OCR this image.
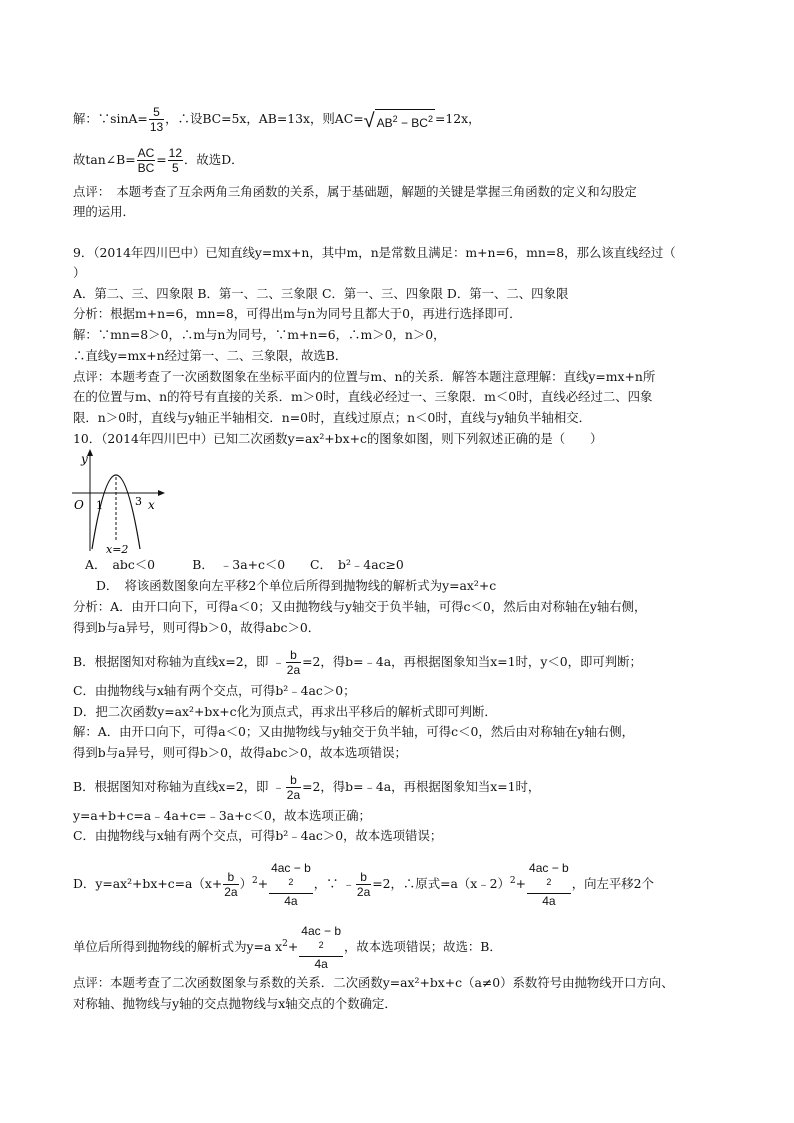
解：∵sinA= $\frac{5}{13}$ ，∴设BC=5x，AB=13x，则AC=√ $AB^2 - BC^2 =12x$，
故tan∠B= $\frac{AC}{BC} = \frac{12}{5}$ ．故选D．
点评：　本题考查了互余两角三角函数的关系，属于基础题，解题的关键是掌握三角函数的定义和勾股定
理的运用．
9．（2014年四川巴中）已知直线y=mx+n，其中m，n是常数且满足：m+n=6，mn=8，那么该直线经过（
）
A．第二、三、四象限 B．第一、二、三象限 C．第一、三、四象限 D．第一、二、四象限
分析：根据m+n=6，mn=8，可得出m与n为同号且都大于0，再进行选择即可．
解：∵mn=8＞0，∴m与n为同号，∵m+n=6，∴m＞0，n＞0，
∴直线y=mx+n经过第一、二、三象限，故选B．
点评：本题考查了一次函数图象在坐标平面内的位置与m、n的关系．解答本题注意理解：直线y=mx+n所
在的位置与m、n的符号有直接的关系．m＞0时，直线必经过一、三象限．m＜0时，直线必经过二、四象
限．n＞0时，直线与y轴正半轴相交．n=0时，直线过原点；n＜0时，直线与y轴负半轴相交．
10．（2014年四川巴中）已知二次函数y=ax²+bx+c的图象如图，则下列叙述正确的是（　　）
y
x
O 1	3
x=2
A．　abc＜0　　　B．　﹣3a+c＜0　　C．　b²﹣4ac≥0
D．　将该函数图象向左平移2个单位后所得到抛物线的解析式为y=ax²+c
分析：A．由开口向下，可得a＜0；又由抛物线与y轴交于负半轴，可得c＜0，然后由对称轴在y轴右侧，
得到b与a异号，则可得b＞0，故得abc＞0．
B．根据图知对称轴为直线x=2，即 ﹣ $\frac{b}{2a} =2$，得b=﹣4a，再根据图象知当x=1时，y＜0，即可判断；
C．由抛物线与x轴有两个交点，可得b²﹣4ac＞0；
D．把二次函数y=ax²+bx+c化为顶点式，再求出平移后的解析式即可判断．
解：A．由开口向下，可得a＜0；又由抛物线与y轴交于负半轴，可得c＜0，然后由对称轴在y轴右侧，
得到b与a异号，则可得b＞0，故得abc＞0，故本选项错误；
B．根据图知对称轴为直线x=2，即 ﹣ $\frac{b}{2a} =2$，得b=﹣4a，再根据图象知当x=1时，
y=a+b+c=a﹣4a+c=﹣3a+c＜0，故本选项正确；
C．由抛物线与x轴有两个交点，可得b²﹣4ac＞0，故本选项错误；
D．$y=ax^2+bx+c=a(x+ \frac{b}{2a} )^2+ 4ac - b$
$^2$
4a ，∵ ﹣ $\frac{b}{2a} =2$，∴原式=a（x﹣2）$^2$+ 4ac − b
$^2$
4a ，向左平移2个
单位后所得到抛物线的解析式为y=a $x^2+ 4ac - b$
$^2$
4a ，故本选项错误；故选：B．
点评：本题考查了二次函数图象与系数的关系．二次函数y=ax²+bx+c（a≠0）系数符号由抛物线开口方向、
对称轴、抛物线与y轴的交点抛物线与x轴交点的个数确定．
